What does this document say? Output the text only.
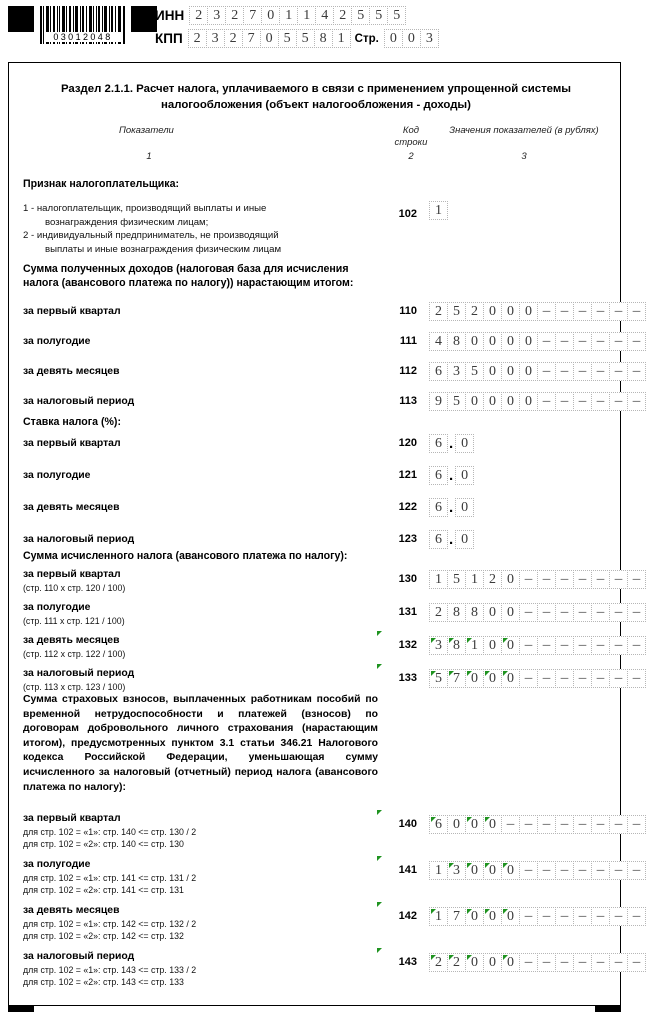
03012048
ИНН 2 3 2 7 0 1 1 4 2 5 5 5
КПП 2 3 2 7 0 5 5 8 1 Стр. 0 0 3
Раздел 2.1.1. Расчет налога, уплачиваемого в связи с применением упрощенной системы налогообложения (объект налогообложения - доходы)
Показатели	Код
строки
Значения показателей (в рублях)
1	2	3
Признак налогоплательщика:
1 - налогоплательщик, производящий выплаты и иные
вознаграждения физическим лицам;
2 - индивидуальный предприниматель, не производящий
выплаты и иные вознаграждения физическим лицам
102	1
Сумма полученных доходов (налоговая база для исчисления
налога (авансового платежа по налогу)) нарастающим итогом:
за первый квартал	110	2 5 2 0 0 0 – – – – – –
за полугодие	111	4 8 0 0 0 0 – – – – – –
за девять месяцев	112	6 3 5 0 0 0 – – – – – –
за налоговый период	113	9 5 0 0 0 0 – – – – – –
Ставка налога (%):
за первый квартал	120	6 . 0
за полугодие	121	6 . 0
за девять месяцев	122	6 . 0
за налоговый период	123	6 . 0
Сумма исчисленного налога (авансового платежа по налогу):
за первый квартал
(стр. 110 х стр. 120 / 100)
130	1 5 1 2 0 – – – – – – –
за полугодие
(стр. 111 х стр. 121 / 100)
131	2 8 8 0 0 – – – – – – –
за девять месяцев
(стр. 112 х стр. 122 / 100)
132	3 8 1 0 0 – – – – – – –
за налоговый период
(стр. 113 х стр. 123 / 100)
133	5 7 0 0 0 – – – – – – –
Сумма страховых взносов, выплаченных работникам пособий по временной нетрудоспособности и платежей (взносов) по договорам добровольного личного страхования (нарастающим итогом), предусмотренных пунктом 3.1 статьи 346.21 Налогового кодекса Российской Федерации, уменьшающая сумму исчисленного за налоговый (отчетный) период налога (авансового платежа по налогу):
за первый квартал
для стр. 102 = «1»: стр. 140 <= стр. 130 / 2
для стр. 102 = «2»: стр. 140 <= стр. 130
140	6 0 0 0 – – – – – – – –
за полугодие
для стр. 102 = «1»: стр. 141 <= стр. 131 / 2
для стр. 102 = «2»: стр. 141 <= стр. 131
141	1 3 0 0 0 – – – – – – –
за девять месяцев
для стр. 102 = «1»: стр. 142 <= стр. 132 / 2
для стр. 102 = «2»: стр. 142 <= стр. 132
142	1 7 0 0 0 – – – – – – –
за налоговый период
для стр. 102 = «1»: стр. 143 <= стр. 133 / 2
для стр. 102 = «2»: стр. 143 <= стр. 133
143	2 2 0 0 0 – – – – – – –
